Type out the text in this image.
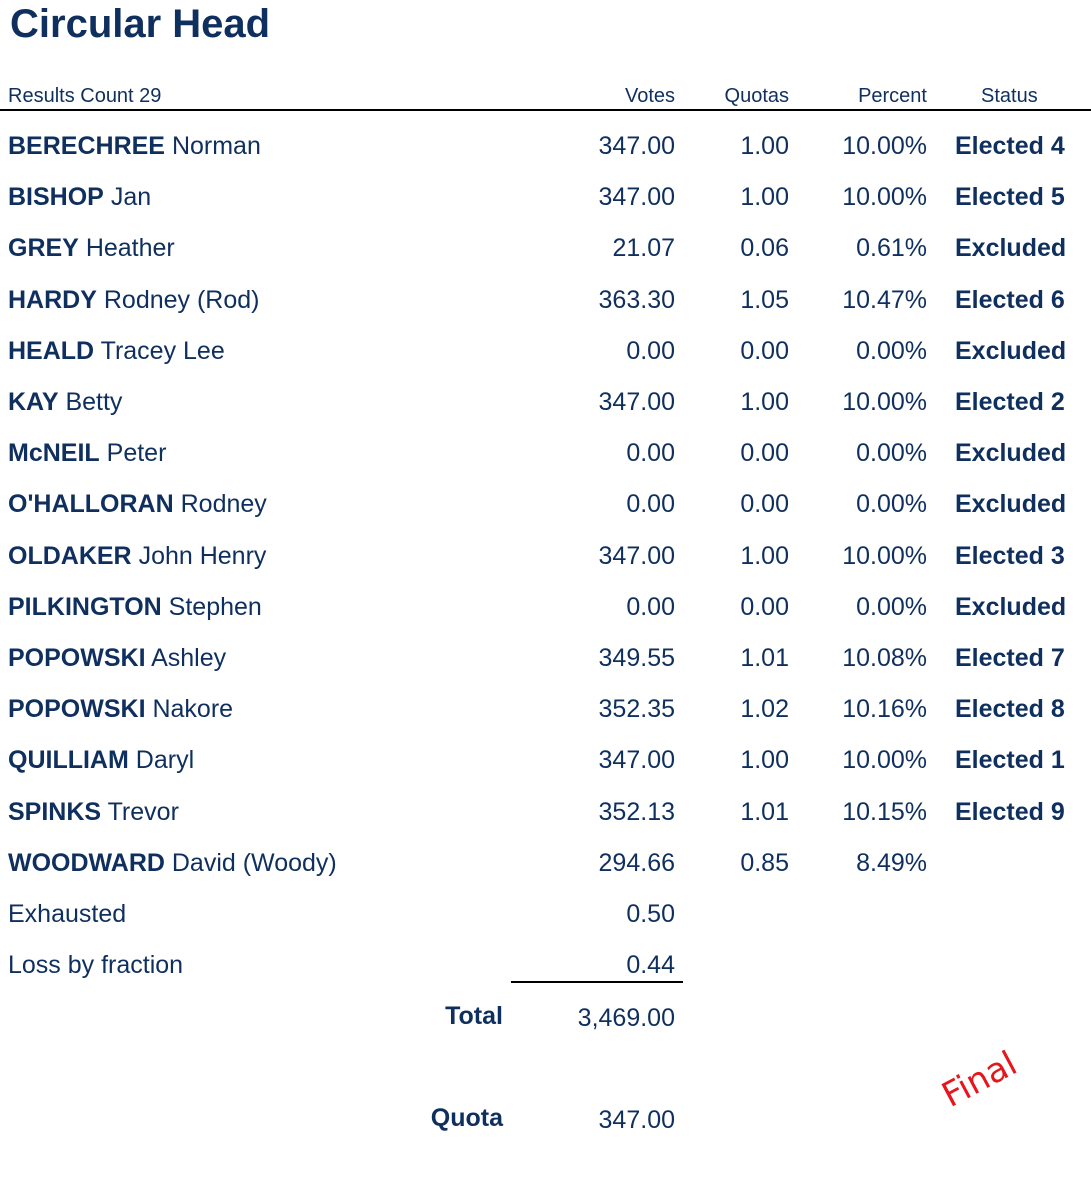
Circular Head
Results Count 29	Votes Quotas	Percent	Status
BERECHREE Norman	347.00	1.00 10.00% Elected 4
BISHOP Jan	347.00	1.00 10.00% Elected 5
GREY Heather	21.07	0.06	0.61% Excluded
HARDY Rodney (Rod)	363.30	1.05 10.47% Elected 6
HEALD Tracey Lee	0.00	0.00	0.00% Excluded
KAY Betty	347.00	1.00 10.00% Elected 2
McNEIL Peter	0.00	0.00	0.00% Excluded
O'HALLORAN Rodney	0.00	0.00	0.00% Excluded
OLDAKER John Henry	347.00	1.00 10.00% Elected 3
PILKINGTON Stephen	0.00	0.00	0.00% Excluded
POPOWSKI Ashley	349.55	1.01 10.08% Elected 7
POPOWSKI Nakore	352.35	1.02 10.16% Elected 8
QUILLIAM Daryl	347.00	1.00 10.00% Elected 1
SPINKS Trevor	352.13	1.01 10.15% Elected 9
WOODWARD David (Woody)	294.66	0.85	8.49%
Exhausted	0.50
Loss by fraction	0.44
Total	3,469.00
Quota	347.00
Final
